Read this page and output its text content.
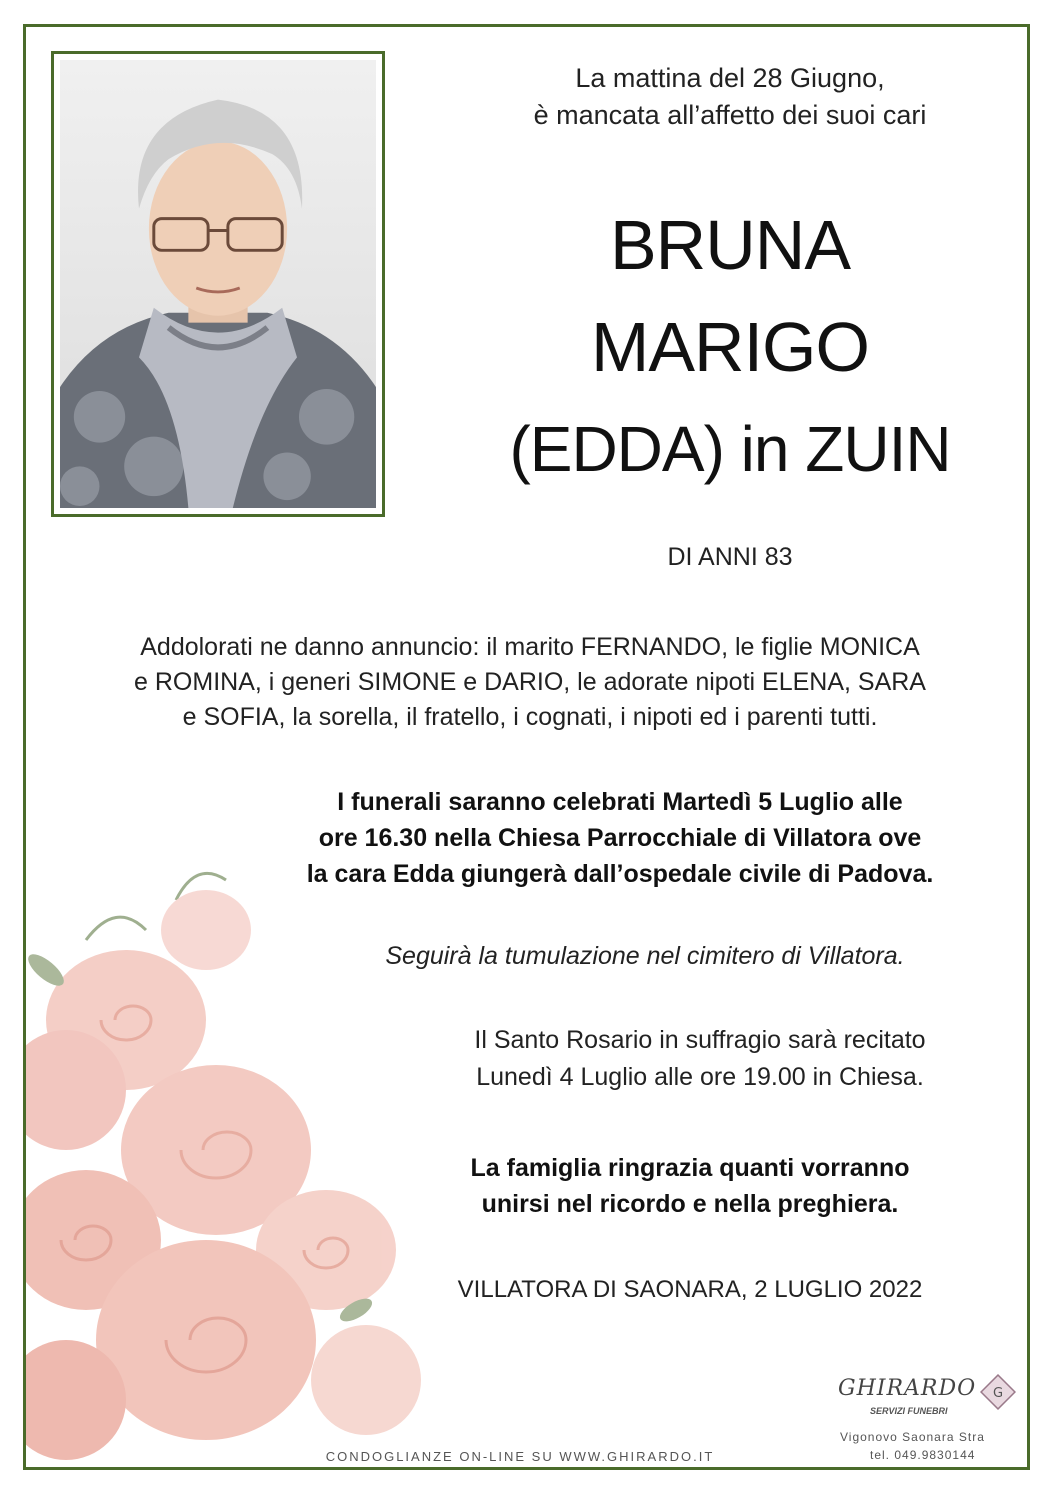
La mattina del 28 Giugno,
è mancata all’affetto dei suoi cari
BRUNA
MARIGO
(EDDA) in ZUIN
DI ANNI 83
Addolorati ne danno annuncio: il marito FERNANDO, le figlie MONICA
e ROMINA, i generi SIMONE e DARIO, le adorate nipoti ELENA, SARA
e SOFIA, la sorella, il fratello, i cognati, i nipoti ed i parenti tutti.
I funerali saranno celebrati Martedì 5 Luglio alle
ore 16.30 nella Chiesa Parrocchiale di Villatora ove
la cara Edda giungerà dall’ospedale civile di Padova.
Seguirà la tumulazione nel cimitero di Villatora.
Il Santo Rosario in suffragio sarà recitato
Lunedì 4 Luglio alle ore 19.00 in Chiesa.
La famiglia ringrazia quanti vorranno
unirsi nel ricordo e nella preghiera.
VILLATORA DI SAONARA, 2 LUGLIO 2022
CONDOGLIANZE ON-LINE SU WWW.GHIRARDO.IT
GHIRARDO
SERVIZI FUNEBRI
G
Vigonovo Saonara Stra
tel. 049.9830144
